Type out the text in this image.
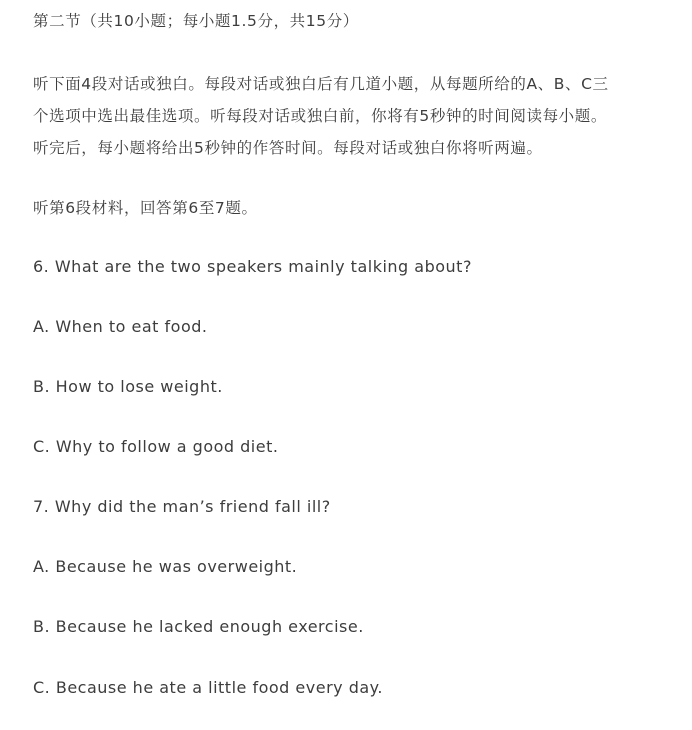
第二节（共10小题；每小题1.5分，共15分）
听下面4段对话或独白。每段对话或独白后有几道小题，从每题所给的A、B、C三
个选项中选出最佳选项。听每段对话或独白前，你将有5秒钟的时间阅读每小题。
听完后，每小题将给出5秒钟的作答时间。每段对话或独白你将听两遍。
听第6段材料，回答第6至7题。
6. What are the two speakers mainly talking about?
A. When to eat food.
B. How to lose weight.
C. Why to follow a good diet.
7. Why did the man’s friend fall ill?
A. Because he was overweight.
B. Because he lacked enough exercise.
C. Because he ate a little food every day.
